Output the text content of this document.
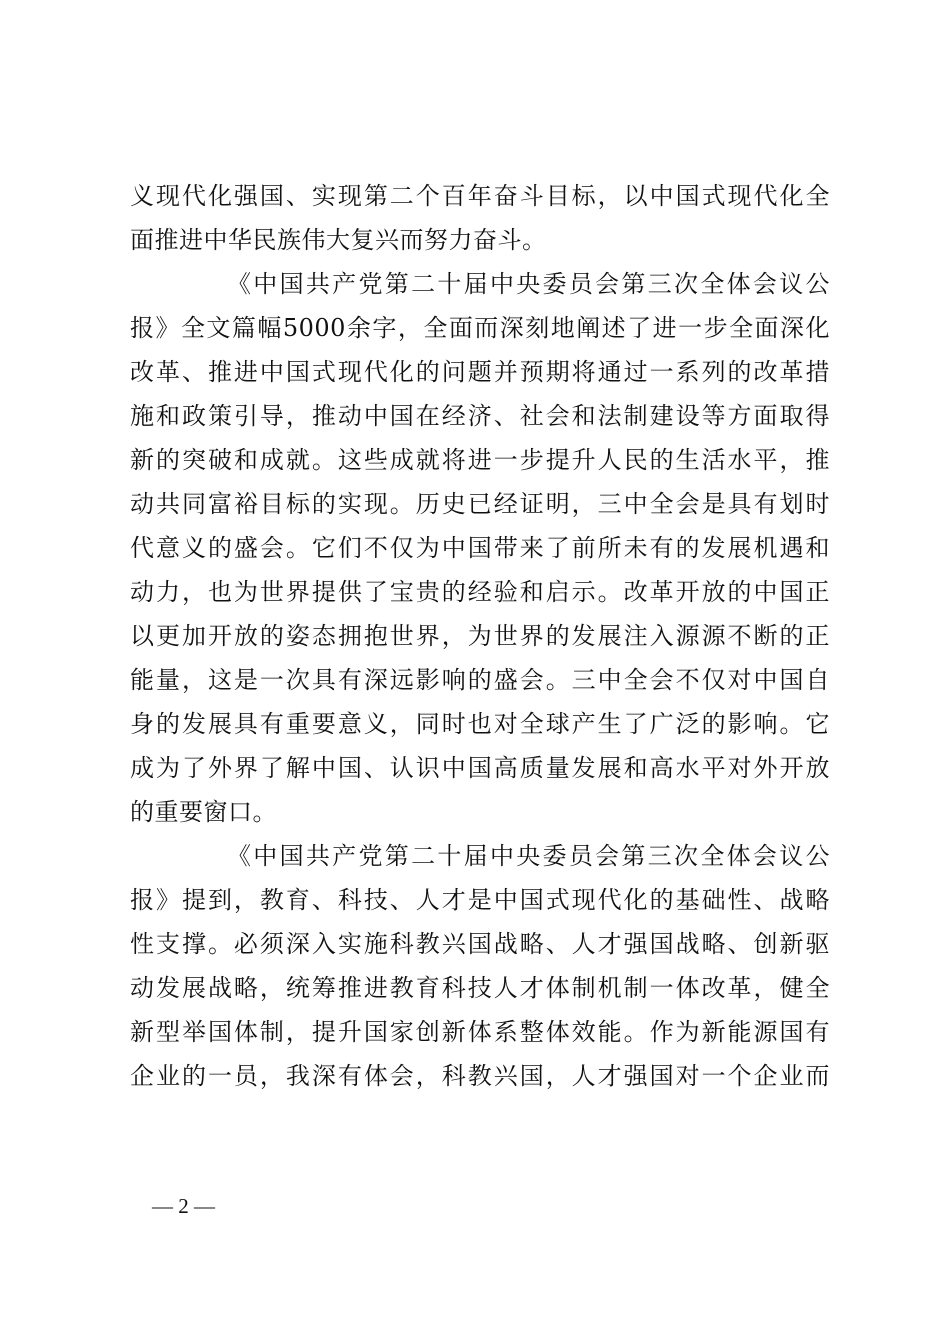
义现代化强国、实现第二个百年奋斗目标，以中国式现代化全
面推进中华民族伟大复兴而努力奋斗。
《中国共产党第二十届中央委员会第三次全体会议公
报》全文篇幅5000余字，全面而深刻地阐述了进一步全面深化
改革、推进中国式现代化的问题并预期将通过一系列的改革措
施和政策引导，推动中国在经济、社会和法制建设等方面取得
新的突破和成就。这些成就将进一步提升人民的生活水平，推
动共同富裕目标的实现。历史已经证明，三中全会是具有划时
代意义的盛会。它们不仅为中国带来了前所未有的发展机遇和
动力，也为世界提供了宝贵的经验和启示。改革开放的中国正
以更加开放的姿态拥抱世界，为世界的发展注入源源不断的正
能量，这是一次具有深远影响的盛会。三中全会不仅对中国自
身的发展具有重要意义，同时也对全球产生了广泛的影响。它
成为了外界了解中国、认识中国高质量发展和高水平对外开放
的重要窗口。
《中国共产党第二十届中央委员会第三次全体会议公
报》提到，教育、科技、人才是中国式现代化的基础性、战略
性支撑。必须深入实施科教兴国战略、人才强国战略、创新驱
动发展战略，统筹推进教育科技人才体制机制一体改革，健全
新型举国体制，提升国家创新体系整体效能。作为新能源国有
企业的一员，我深有体会，科教兴国，人才强国对一个企业而
— 2 —
